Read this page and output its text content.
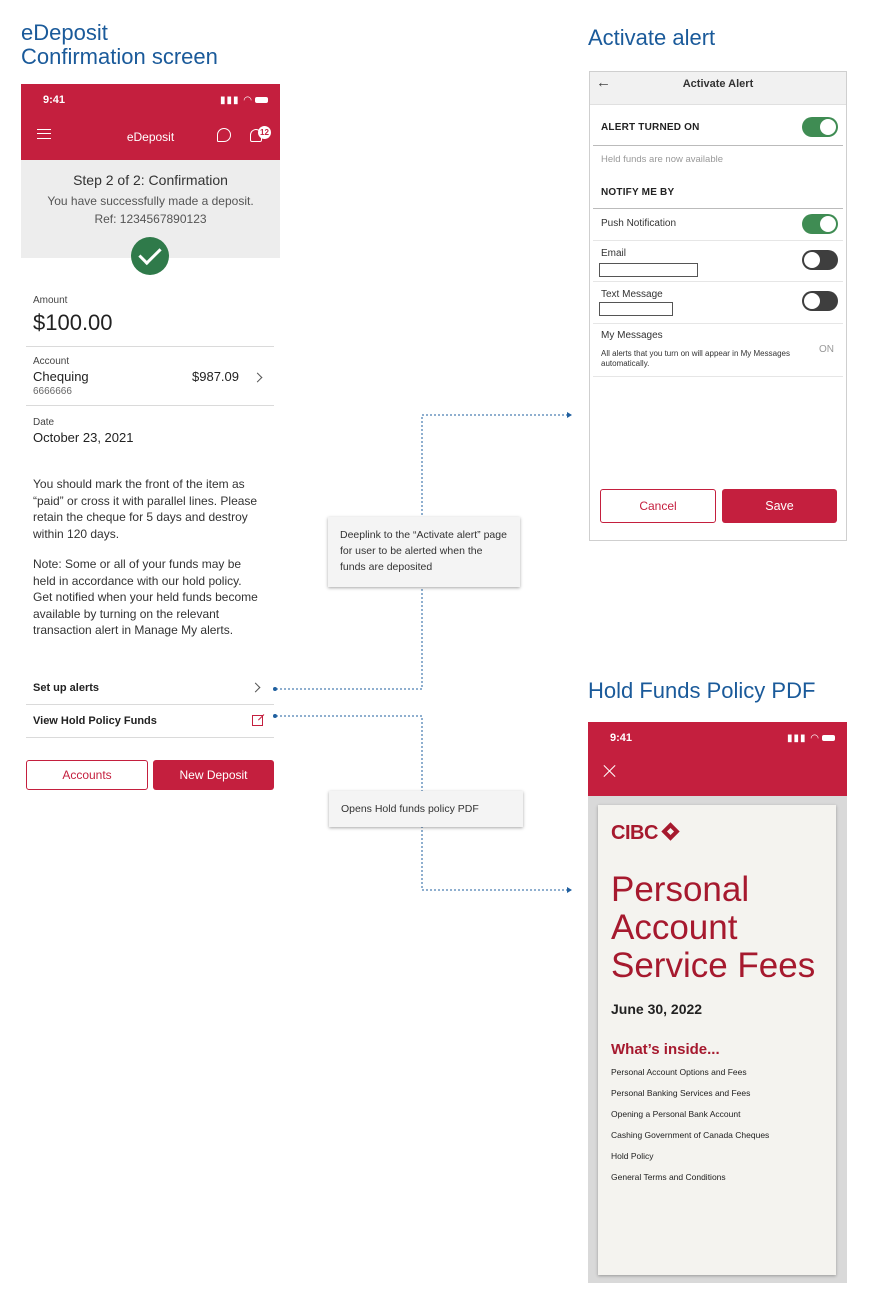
eDeposit
Confirmation screen
Activate alert
Hold Funds Policy PDF
9:41	▮▮▮ ◠
eDeposit	12
Step 2 of 2: Confirmation
You have successfully made a deposit.
Ref: 1234567890123
Amount
$100.00
Account
Chequing
6666666
$987.09
Date
October 23, 2021
You should mark the front of the item as “paid” or cross it with parallel lines. Please retain the cheque for 5 days and destroy within 120 days.
Note: Some or all of your funds may be held in accordance with our hold policy. Get notified when your held funds become available by turning on the relevant transaction alert in Manage My alerts.
Set up alerts
View Hold Policy Funds
Accounts	New Deposit
Deeplink to the “Activate alert” page for user to be alerted when the funds are deposited
Opens Hold funds policy PDF
←	Activate Alert
ALERT TURNED ON
Held funds are now available
NOTIFY ME BY
Push Notification
Email
Text Message
My Messages
All alerts that you turn on will appear in My Messages automatically.
ON
Cancel	Save
9:41	▮▮▮ ◠
CIBC
Personal
Account
Service Fees
June 30, 2022
What’s inside...
Personal Account Options and Fees
Personal Banking Services and Fees
Opening a Personal Bank Account
Cashing Government of Canada Cheques
Hold Policy
General Terms and Conditions
